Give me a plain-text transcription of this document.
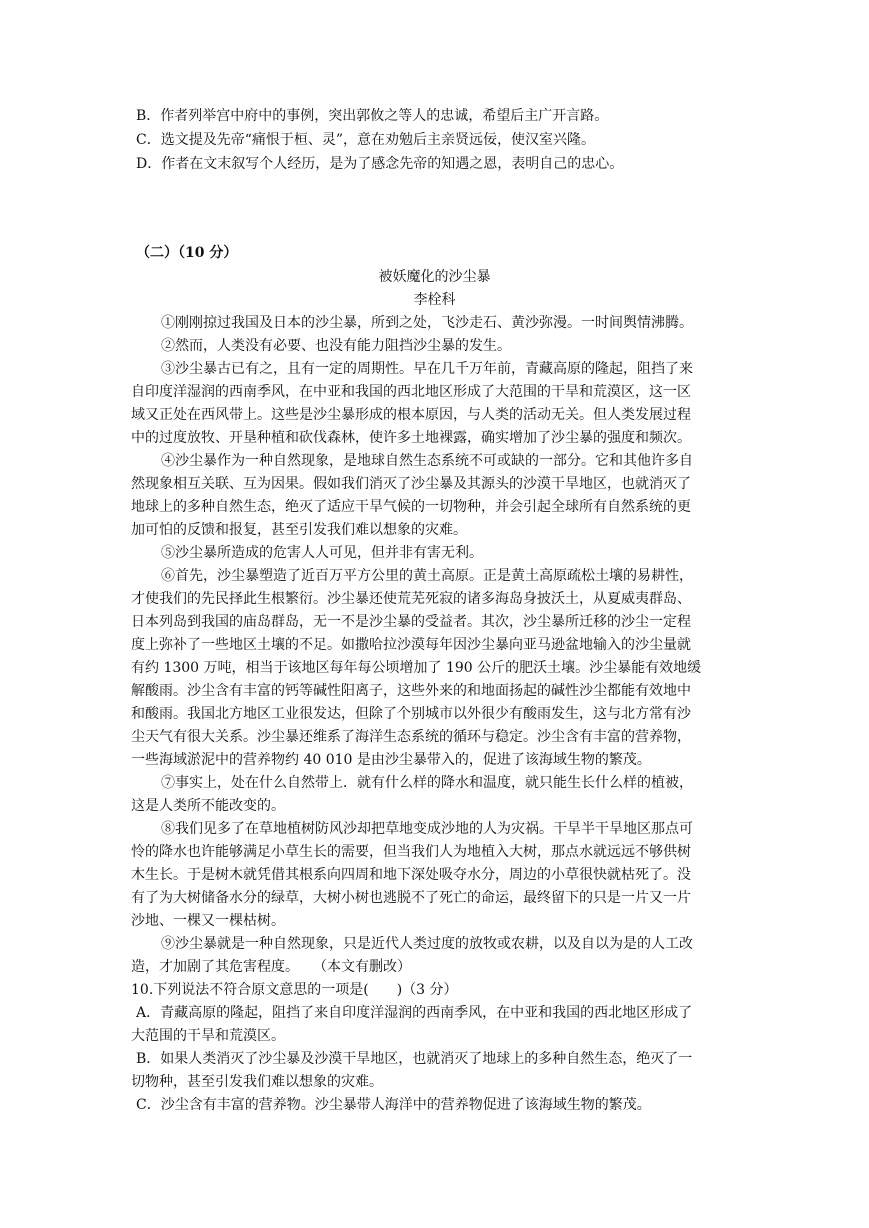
B．作者列举宫中府中的事例，突出郭攸之等人的忠诚，希望后主广开言路。
C．选文提及先帝“痛恨于桓、灵”，意在劝勉后主亲贤远佞，使汉室兴隆。
D．作者在文末叙写个人经历，是为了感念先帝的知遇之恩，表明自己的忠心。
（二）（10 分）
被妖魔化的沙尘暴
李栓科
①刚刚掠过我国及日本的沙尘暴，所到之处，飞沙走石、黄沙弥漫。一时间舆情沸腾。
②然而，人类没有必要、也没有能力阻挡沙尘暴的发生。
③沙尘暴古已有之，且有一定的周期性。早在几千万年前，青藏高原的隆起，阻挡了来
自印度洋湿润的西南季风，在中亚和我国的西北地区形成了大范围的干旱和荒漠区，这一区
域又正处在西风带上。这些是沙尘暴形成的根本原因，与人类的活动无关。但人类发展过程
中的过度放牧、开垦种植和砍伐森林，使许多土地裸露，确实增加了沙尘暴的强度和频次。
④沙尘暴作为一种自然现象，是地球自然生态系统不可或缺的一部分。它和其他许多自
然现象相互关联、互为因果。假如我们消灭了沙尘暴及其源头的沙漠干旱地区，也就消灭了
地球上的多种自然生态，绝灭了适应干旱气候的一切物种，并会引起全球所有自然系统的更
加可怕的反馈和报复，甚至引发我们难以想象的灾难。
⑤沙尘暴所造成的危害人人可见，但并非有害无利。
⑥首先，沙尘暴塑造了近百万平方公里的黄土高原。正是黄土高原疏松土壤的易耕性，
才使我们的先民择此生根繁衍。沙尘暴还使荒芜死寂的诸多海岛身披沃土，从夏威夷群岛、
日本列岛到我国的庙岛群岛，无一不是沙尘暴的受益者。其次，沙尘暴所迁移的沙尘一定程
度上弥补了一些地区土壤的不足。如撒哈拉沙漠每年因沙尘暴向亚马逊盆地输入的沙尘量就
有约 1300 万吨，相当于该地区每年每公顷增加了 190 公斤的肥沃土壤。沙尘暴能有效地缓
解酸雨。沙尘含有丰富的钙等碱性阳离子，这些外来的和地面扬起的碱性沙尘都能有效地中
和酸雨。我国北方地区工业很发达，但除了个别城市以外很少有酸雨发生，这与北方常有沙
尘天气有很大关系。沙尘暴还维系了海洋生态系统的循环与稳定。沙尘含有丰富的营养物，
一些海域淤泥中的营养物约 40 010 是由沙尘暴带入的，促进了该海域生物的繁茂。
⑦事实上，处在什么自然带上．就有什么样的降水和温度，就只能生长什么样的植被，
这是人类所不能改变的。
⑧我们见多了在草地植树防风沙却把草地变成沙地的人为灾祸。干旱半干旱地区那点可
怜的降水也许能够满足小草生长的需要，但当我们人为地植入大树，那点水就远远不够供树
木生长。于是树木就凭借其根系向四周和地下深处吸夺水分，周边的小草很快就枯死了。没
有了为大树储备水分的绿草，大树小树也逃脱不了死亡的命运，最终留下的只是一片又一片
沙地、一棵又一棵枯树。
⑨沙尘暴就是一种自然现象，只是近代人类过度的放牧或农耕，以及自以为是的人工改
造，才加剧了其危害程度。　　（本文有删改）
10.下列说法不符合原文意思的一项是(　　)（3 分）
A．青藏高原的隆起，阻挡了来自印度洋湿润的西南季风，在中亚和我国的西北地区形成了
大范围的干旱和荒漠区。
B．如果人类消灭了沙尘暴及沙漠干旱地区，也就消灭了地球上的多种自然生态，绝灭了一
切物种，甚至引发我们难以想象的灾难。
C．沙尘含有丰富的营养物。沙尘暴带人海洋中的营养物促进了该海域生物的繁茂。
